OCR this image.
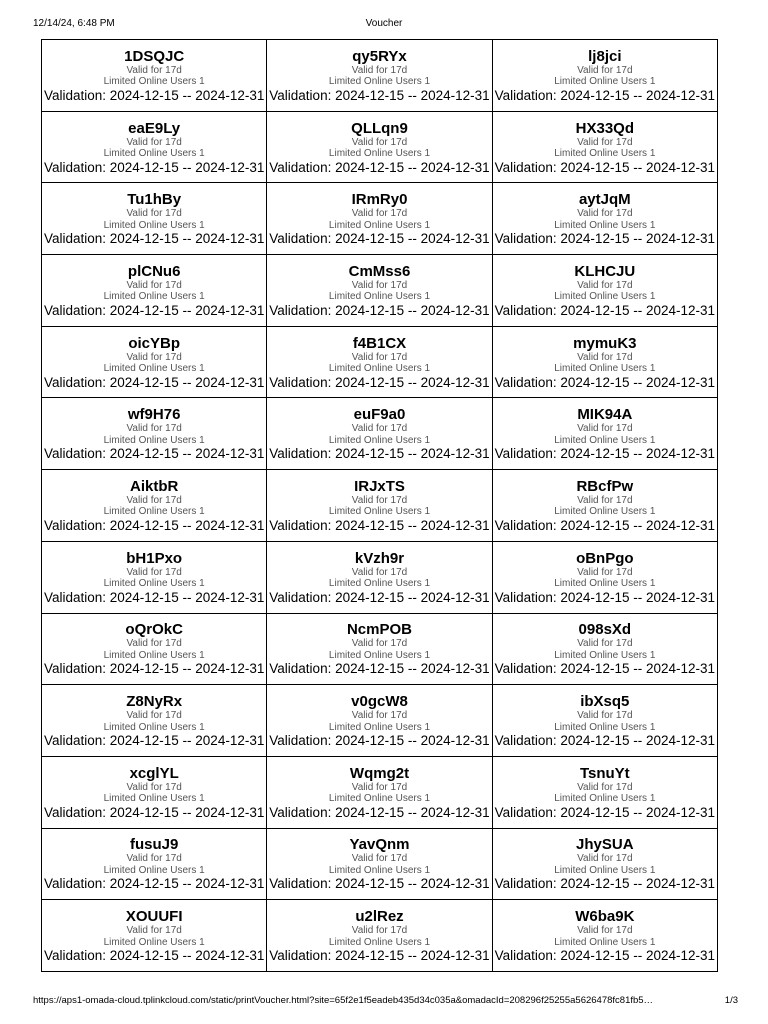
12/14/24, 6:48 PM	Voucher
1DSQJC
Valid for 17d
Limited Online Users 1
Validation: 2024-12-15 -- 2024-12-31
qy5RYx
Valid for 17d
Limited Online Users 1
Validation: 2024-12-15 -- 2024-12-31
lj8jci
Valid for 17d
Limited Online Users 1
Validation: 2024-12-15 -- 2024-12-31
eaE9Ly
Valid for 17d
Limited Online Users 1
Validation: 2024-12-15 -- 2024-12-31
QLLqn9
Valid for 17d
Limited Online Users 1
Validation: 2024-12-15 -- 2024-12-31
HX33Qd
Valid for 17d
Limited Online Users 1
Validation: 2024-12-15 -- 2024-12-31
Tu1hBy
Valid for 17d
Limited Online Users 1
Validation: 2024-12-15 -- 2024-12-31
IRmRy0
Valid for 17d
Limited Online Users 1
Validation: 2024-12-15 -- 2024-12-31
aytJqM
Valid for 17d
Limited Online Users 1
Validation: 2024-12-15 -- 2024-12-31
plCNu6
Valid for 17d
Limited Online Users 1
Validation: 2024-12-15 -- 2024-12-31
CmMss6
Valid for 17d
Limited Online Users 1
Validation: 2024-12-15 -- 2024-12-31
KLHCJU
Valid for 17d
Limited Online Users 1
Validation: 2024-12-15 -- 2024-12-31
oicYBp
Valid for 17d
Limited Online Users 1
Validation: 2024-12-15 -- 2024-12-31
f4B1CX
Valid for 17d
Limited Online Users 1
Validation: 2024-12-15 -- 2024-12-31
mymuK3
Valid for 17d
Limited Online Users 1
Validation: 2024-12-15 -- 2024-12-31
wf9H76
Valid for 17d
Limited Online Users 1
Validation: 2024-12-15 -- 2024-12-31
euF9a0
Valid for 17d
Limited Online Users 1
Validation: 2024-12-15 -- 2024-12-31
MIK94A
Valid for 17d
Limited Online Users 1
Validation: 2024-12-15 -- 2024-12-31
AiktbR
Valid for 17d
Limited Online Users 1
Validation: 2024-12-15 -- 2024-12-31
IRJxTS
Valid for 17d
Limited Online Users 1
Validation: 2024-12-15 -- 2024-12-31
RBcfPw
Valid for 17d
Limited Online Users 1
Validation: 2024-12-15 -- 2024-12-31
bH1Pxo
Valid for 17d
Limited Online Users 1
Validation: 2024-12-15 -- 2024-12-31
kVzh9r
Valid for 17d
Limited Online Users 1
Validation: 2024-12-15 -- 2024-12-31
oBnPgo
Valid for 17d
Limited Online Users 1
Validation: 2024-12-15 -- 2024-12-31
oQrOkC
Valid for 17d
Limited Online Users 1
Validation: 2024-12-15 -- 2024-12-31
NcmPOB
Valid for 17d
Limited Online Users 1
Validation: 2024-12-15 -- 2024-12-31
098sXd
Valid for 17d
Limited Online Users 1
Validation: 2024-12-15 -- 2024-12-31
Z8NyRx
Valid for 17d
Limited Online Users 1
Validation: 2024-12-15 -- 2024-12-31
v0gcW8
Valid for 17d
Limited Online Users 1
Validation: 2024-12-15 -- 2024-12-31
ibXsq5
Valid for 17d
Limited Online Users 1
Validation: 2024-12-15 -- 2024-12-31
xcglYL
Valid for 17d
Limited Online Users 1
Validation: 2024-12-15 -- 2024-12-31
Wqmg2t
Valid for 17d
Limited Online Users 1
Validation: 2024-12-15 -- 2024-12-31
TsnuYt
Valid for 17d
Limited Online Users 1
Validation: 2024-12-15 -- 2024-12-31
fusuJ9
Valid for 17d
Limited Online Users 1
Validation: 2024-12-15 -- 2024-12-31
YavQnm
Valid for 17d
Limited Online Users 1
Validation: 2024-12-15 -- 2024-12-31
JhySUA
Valid for 17d
Limited Online Users 1
Validation: 2024-12-15 -- 2024-12-31
XOUUFI
Valid for 17d
Limited Online Users 1
Validation: 2024-12-15 -- 2024-12-31
u2lRez
Valid for 17d
Limited Online Users 1
Validation: 2024-12-15 -- 2024-12-31
W6ba9K
Valid for 17d
Limited Online Users 1
Validation: 2024-12-15 -- 2024-12-31
https://aps1-omada-cloud.tplinkcloud.com/static/printVoucher.html?site=65f2e1f5eadeb435d34c035a&omadacId=208296f25255a5626478fc81fb5…	1/3
